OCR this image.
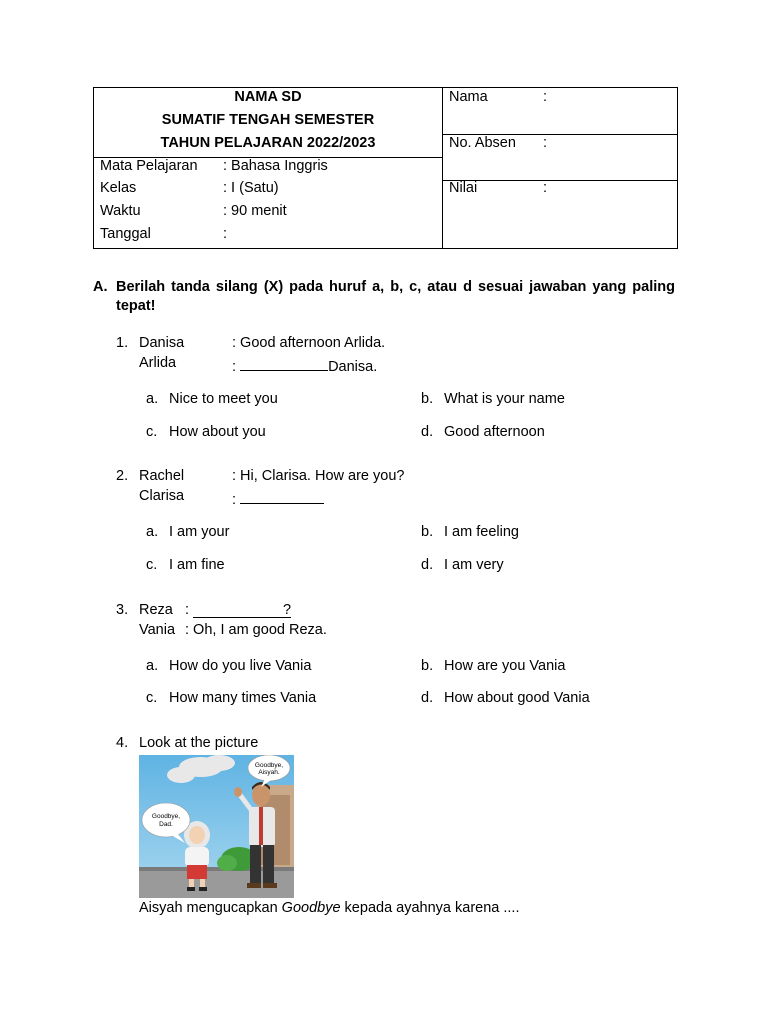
NAMA SD
SUMATIF TENGAH SEMESTER
TAHUN PELAJARAN 2022/2023
Mata Pelajaran : Bahasa Inggris
Kelas	: I (Satu)
Waktu	: 90 menit
Tanggal	:
Nama	:
No. Absen :
Nilai	:
A. Berilah tanda silang (X) pada huruf a, b, c, atau d sesuai jawaban yang paling tepat!
1. Danisa	: Good afternoon Arlida.
Arlida	:	Danisa.
a. Nice to meet you	b. What is your name
c. How about you	d. Good afternoon
2. Rachel	: Hi, Clarisa. How are you?
Clarisa	:
a. I am your	b. I am feeling
c. I am fine	d. I am very
3. Reza :	?
Vania : Oh, I am good Reza.
a. How do you live Vania	b. How are you Vania
c. How many times Vania	d. How about good Vania
4. Look at the picture
Goodbye,
Dad.
Goodbye,
Aisyah.
Aisyah mengucapkan Goodbye kepada ayahnya karena ....
